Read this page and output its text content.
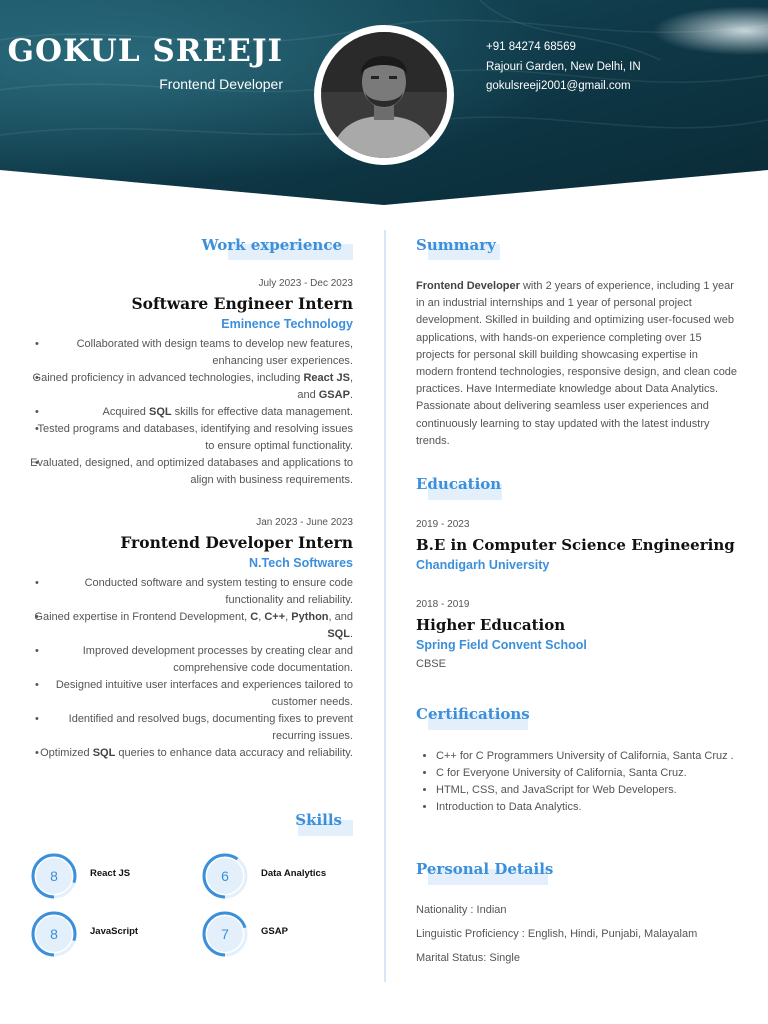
GOKUL SREEJI
Frontend Developer
+91 84274 68569
Rajouri Garden, New Delhi, IN
gokulsreeji2001@gmail.com
Work experience
July 2023 - Dec 2023
Software Engineer Intern
Eminence Technology
• Collaborated with design teams to develop new features, enhancing user experiences.
• Gained proficiency in advanced technologies, including React JS, and GSAP.
• Acquired SQL skills for effective data management.
• Tested programs and databases, identifying and resolving issues to ensure optimal functionality.
• Evaluated, designed, and optimized databases and applications to align with business requirements.
Jan 2023 - June 2023
Frontend Developer Intern
N.Tech Softwares
• Conducted software and system testing to ensure code functionality and reliability.
• Gained expertise in Frontend Development, C, C++, Python, and SQL.
• Improved development processes by creating clear and comprehensive code documentation.
• Designed intuitive user interfaces and experiences tailored to customer needs.
• Identified and resolved bugs, documenting fixes to prevent recurring issues.
• Optimized SQL queries to enhance data accuracy and reliability.
Skills
8	React JS	6	Data Analytics
8	JavaScript	7	GSAP
Summary

Frontend Developer with 2 years of experience, including 1 year in an industrial internships and 1 year of personal project development. Skilled in building and optimizing user-focused web applications, with hands-on experience completing over 15 projects for personal skill building showcasing expertise in modern frontend technologies, responsive design, and clean code practices. Have Intermediate knowledge about Data Analytics. Passionate about delivering seamless user experiences and continuously learning to stay updated with the latest industry trends.

Education
2019 - 2023
B.E in Computer Science Engineering
Chandigarh University
2018 - 2019
Higher Education
Spring Field Convent School
CBSE
Certifications
• C++ for C Programmers University of California, Santa Cruz .
• C for Everyone University of California, Santa Cruz.
• HTML, CSS, and JavaScript for Web Developers.
• Introduction to Data Analytics.
Personal Details
Nationality : Indian
Linguistic Proficiency : English, Hindi, Punjabi, Malayalam
Marital Status: Single
